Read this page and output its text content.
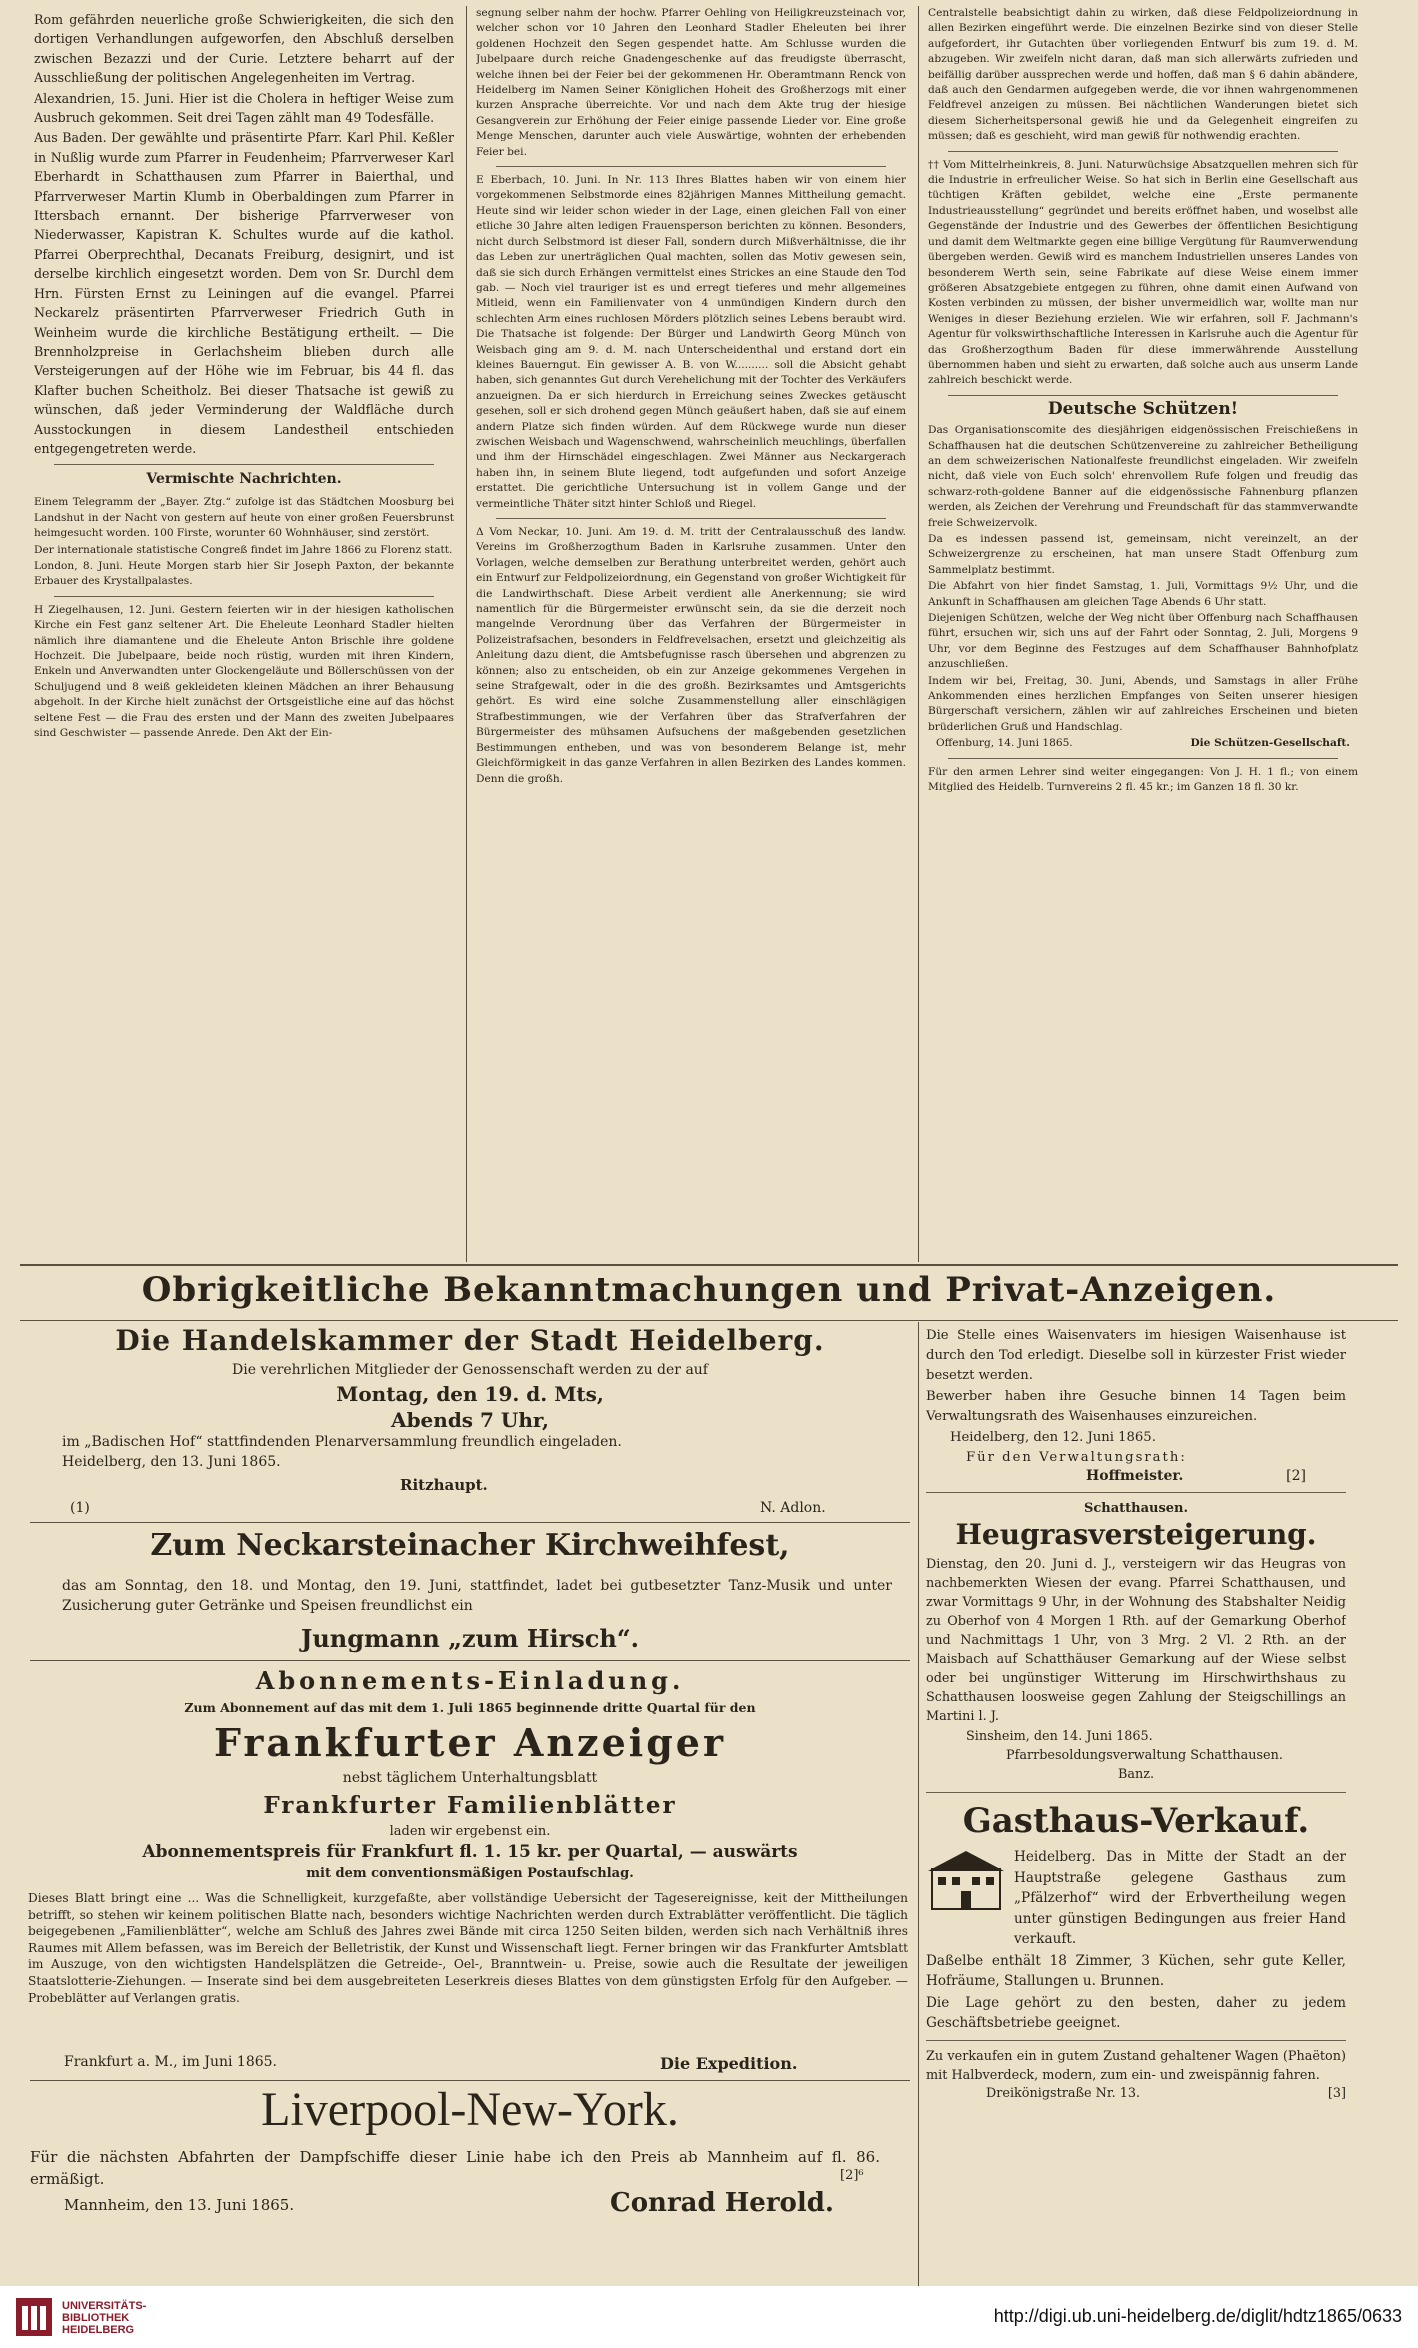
Rom gefährden neuerliche große Schwierigkeiten, die sich den dortigen Verhandlungen aufgeworfen, den Abschluß derselben zwischen Bezazzi und der Curie. Letztere beharrt auf der Ausschließung der politischen Angelegenheiten im Vertrag.

Alexandrien, 15. Juni. Hier ist die Cholera in heftiger Weise zum Ausbruch gekommen. Seit drei Tagen zählt man 49 Todesfälle.

Aus Baden. Der gewählte und präsentirte Pfarr. Karl Phil. Keßler in Nußlig wurde zum Pfarrer in Feudenheim; Pfarrverweser Karl Eberhardt in Schatthausen zum Pfarrer in Baierthal, und Pfarrverweser Martin Klumb in Oberbaldingen zum Pfarrer in Ittersbach ernannt. Der bisherige Pfarrverweser von Niederwasser, Kapistran K. Schultes wurde auf die kathol. Pfarrei Oberprechthal, Decanats Freiburg, designirt, und ist derselbe kirchlich eingesetzt worden. Dem von Sr. Durchl dem Hrn. Fürsten Ernst zu Leiningen auf die evangel. Pfarrei Neckarelz präsentirten Pfarrverweser Friedrich Guth in Weinheim wurde die kirchliche Bestätigung ertheilt. — Die Brennholzpreise in Gerlachsheim blieben durch alle Versteigerungen auf der Höhe wie im Februar, bis 44 fl. das Klafter buchen Scheitholz. Bei dieser Thatsache ist gewiß zu wünschen, daß jeder Verminderung der Waldfläche durch Ausstockungen in diesem Landestheil entschieden entgegengetreten werde.

Vermischte Nachrichten.

Einem Telegramm der „Bayer. Ztg.“ zufolge ist das Städtchen Moosburg bei Landshut in der Nacht von gestern auf heute von einer großen Feuersbrunst heimgesucht worden. 100 Firste, worunter 60 Wohnhäuser, sind zerstört.

Der internationale statistische Congreß findet im Jahre 1866 zu Florenz statt.

London, 8. Juni. Heute Morgen starb hier Sir Joseph Paxton, der bekannte Erbauer des Krystallpalastes.

H Ziegelhausen, 12. Juni. Gestern feierten wir in der hiesigen katholischen Kirche ein Fest ganz seltener Art. Die Eheleute Leonhard Stadler hielten nämlich ihre diamantene und die Eheleute Anton Brischle ihre goldene Hochzeit. Die Jubelpaare, beide noch rüstig, wurden mit ihren Kindern, Enkeln und Anverwandten unter Glockengeläute und Böllerschüssen von der Schuljugend und 8 weiß gekleideten kleinen Mädchen an ihrer Behausung abgeholt. In der Kirche hielt zunächst der Ortsgeistliche eine auf das höchst seltene Fest — die Frau des ersten und der Mann des zweiten Jubelpaares sind Geschwister — passende Anrede. Den Akt der Ein-

segnung selber nahm der hochw. Pfarrer Oehling von Heiligkreuzsteinach vor, welcher schon vor 10 Jahren den Leonhard Stadler Eheleuten bei ihrer goldenen Hochzeit den Segen gespendet hatte. Am Schlusse wurden die Jubelpaare durch reiche Gnadengeschenke auf das freudigste überrascht, welche ihnen bei der Feier bei der gekommenen Hr. Oberamtmann Renck von Heidelberg im Namen Seiner Königlichen Hoheit des Großherzogs mit einer kurzen Ansprache überreichte. Vor und nach dem Akte trug der hiesige Gesangverein zur Erhöhung der Feier einige passende Lieder vor. Eine große Menge Menschen, darunter auch viele Auswärtige, wohnten der erhebenden Feier bei.

E Eberbach, 10. Juni. In Nr. 113 Ihres Blattes haben wir von einem hier vorgekommenen Selbstmorde eines 82jährigen Mannes Mittheilung gemacht. Heute sind wir leider schon wieder in der Lage, einen gleichen Fall von einer etliche 30 Jahre alten ledigen Frauensperson berichten zu können. Besonders, nicht durch Selbstmord ist dieser Fall, sondern durch Mißverhältnisse, die ihr das Leben zur unerträglichen Qual machten, sollen das Motiv gewesen sein, daß sie sich durch Erhängen vermittelst eines Strickes an eine Staude den Tod gab. — Noch viel trauriger ist es und erregt tieferes und mehr allgemeines Mitleid, wenn ein Familienvater von 4 unmündigen Kindern durch den schlechten Arm eines ruchlosen Mörders plötzlich seines Lebens beraubt wird. Die Thatsache ist folgende: Der Bürger und Landwirth Georg Münch von Weisbach ging am 9. d. M. nach Unterscheidenthal und erstand dort ein kleines Bauerngut. Ein gewisser A. B. von W.......... soll die Absicht gehabt haben, sich genanntes Gut durch Verehelichung mit der Tochter des Verkäufers anzueignen. Da er sich hierdurch in Erreichung seines Zweckes getäuscht gesehen, soll er sich drohend gegen Münch geäußert haben, daß sie auf einem andern Platze sich finden würden. Auf dem Rückwege wurde nun dieser zwischen Weisbach und Wagenschwend, wahrscheinlich meuchlings, überfallen und ihm der Hirnschädel eingeschlagen. Zwei Männer aus Neckargerach haben ihn, in seinem Blute liegend, todt aufgefunden und sofort Anzeige erstattet. Die gerichtliche Untersuchung ist in vollem Gange und der vermeintliche Thäter sitzt hinter Schloß und Riegel.

Δ Vom Neckar, 10. Juni. Am 19. d. M. tritt der Centralausschuß des landw. Vereins im Großherzogthum Baden in Karlsruhe zusammen. Unter den Vorlagen, welche demselben zur Berathung unterbreitet werden, gehört auch ein Entwurf zur Feldpolizeiordnung, ein Gegenstand von großer Wichtigkeit für die Landwirthschaft. Diese Arbeit verdient alle Anerkennung; sie wird namentlich für die Bürgermeister erwünscht sein, da sie die derzeit noch mangelnde Verordnung über das Verfahren der Bürgermeister in Polizeistrafsachen, besonders in Feldfrevelsachen, ersetzt und gleichzeitig als Anleitung dazu dient, die Amtsbefugnisse rasch übersehen und abgrenzen zu können; also zu entscheiden, ob ein zur Anzeige gekommenes Vergehen in seine Strafgewalt, oder in die des großh. Bezirksamtes und Amtsgerichts gehört. Es wird eine solche Zusammenstellung aller einschlägigen Strafbestimmungen, wie der Verfahren über das Strafverfahren der Bürgermeister des mühsamen Aufsuchens der maßgebenden gesetzlichen Bestimmungen entheben, und was von besonderem Belange ist, mehr Gleichförmigkeit in das ganze Verfahren in allen Bezirken des Landes kommen. Denn die großh.

Centralstelle beabsichtigt dahin zu wirken, daß diese Feldpolizeiordnung in allen Bezirken eingeführt werde. Die einzelnen Bezirke sind von dieser Stelle aufgefordert, ihr Gutachten über vorliegenden Entwurf bis zum 19. d. M. abzugeben. Wir zweifeln nicht daran, daß man sich allerwärts zufrieden und beifällig darüber aussprechen werde und hoffen, daß man § 6 dahin abändere, daß auch den Gendarmen aufgegeben werde, die vor ihnen wahrgenommenen Feldfrevel anzeigen zu müssen. Bei nächtlichen Wanderungen bietet sich diesem Sicherheitspersonal gewiß hie und da Gelegenheit eingreifen zu müssen; daß es geschieht, wird man gewiß für nothwendig erachten.

†† Vom Mittelrheinkreis, 8. Juni. Naturwüchsige Absatzquellen mehren sich für die Industrie in erfreulicher Weise. So hat sich in Berlin eine Gesellschaft aus tüchtigen Kräften gebildet, welche eine „Erste permanente Industrieausstellung“ gegründet und bereits eröffnet haben, und woselbst alle Gegenstände der Industrie und des Gewerbes der öffentlichen Besichtigung und damit dem Weltmarkte gegen eine billige Vergütung für Raumverwendung übergeben werden. Gewiß wird es manchem Industriellen unseres Landes von besonderem Werth sein, seine Fabrikate auf diese Weise einem immer größeren Absatzgebiete entgegen zu führen, ohne damit einen Aufwand von Kosten verbinden zu müssen, der bisher unvermeidlich war, wollte man nur Weniges in dieser Beziehung erzielen. Wie wir erfahren, soll F. Jachmann's Agentur für volkswirthschaftliche Interessen in Karlsruhe auch die Agentur für das Großherzogthum Baden für diese immerwährende Ausstellung übernommen haben und sieht zu erwarten, daß solche auch aus unserm Lande zahlreich beschickt werde.

Deutsche Schützen!

Das Organisationscomite des diesjährigen eidgenössischen Freischießens in Schaffhausen hat die deutschen Schützenvereine zu zahlreicher Betheiligung an dem schweizerischen Nationalfeste freundlichst eingeladen. Wir zweifeln nicht, daß viele von Euch solch' ehrenvollem Rufe folgen und freudig das schwarz-roth-goldene Banner auf die eidgenössische Fahnenburg pflanzen werden, als Zeichen der Verehrung und Freundschaft für das stammverwandte freie Schweizervolk.

Da es indessen passend ist, gemeinsam, nicht vereinzelt, an der Schweizergrenze zu erscheinen, hat man unsere Stadt Offenburg zum Sammelplatz bestimmt.

Die Abfahrt von hier findet Samstag, 1. Juli, Vormittags 9½ Uhr, und die Ankunft in Schaffhausen am gleichen Tage Abends 6 Uhr statt.

Diejenigen Schützen, welche der Weg nicht über Offenburg nach Schaffhausen führt, ersuchen wir, sich uns auf der Fahrt oder Sonntag, 2. Juli, Morgens 9 Uhr, vor dem Beginne des Festzuges auf dem Schaffhauser Bahnhofplatz anzuschließen.

Indem wir bei, Freitag, 30. Juni, Abends, und Samstags in aller Frühe Ankommenden eines herzlichen Empfanges von Seiten unserer hiesigen Bürgerschaft versichern, zählen wir auf zahlreiches Erscheinen und bieten brüderlichen Gruß und Handschlag.

Offenburg, 14. Juni 1865.	Die Schützen-Gesellschaft.

Für den armen Lehrer sind weiter eingegangen: Von J. H. 1 fl.; von einem Mitglied des Heidelb. Turnvereins 2 fl. 45 kr.; im Ganzen 18 fl. 30 kr.

Obrigkeitliche Bekanntmachungen und Privat-Anzeigen.
Die Handelskammer der Stadt Heidelberg.
Die verehrlichen Mitglieder der Genossenschaft werden zu der auf
Montag, den 19. d. Mts,
Abends 7 Uhr,
im „Badischen Hof“ stattfindenden Plenarversammlung freundlich eingeladen.
Heidelberg, den 13. Juni 1865.
Ritzhaupt.
(1)	N. Adlon.
Zum Neckarsteinacher Kirchweihfest,
das am Sonntag, den 18. und Montag, den 19. Juni, stattfindet, ladet bei gutbesetzter Tanz-Musik und unter Zusicherung guter Getränke und Speisen freundlichst ein
Jungmann „zum Hirsch“.
Abonnements-Einladung.
Zum Abonnement auf das mit dem 1. Juli 1865 beginnende dritte Quartal für den
Frankfurter Anzeiger
nebst täglichem Unterhaltungsblatt
Frankfurter Familienblätter
laden wir ergebenst ein.
Abonnementspreis für Frankfurt fl. 1. 15 kr. per Quartal, — auswärts
mit dem conventionsmäßigen Postaufschlag.
Dieses Blatt bringt eine ... Was die Schnelligkeit, kurzgefaßte, aber vollständige Uebersicht der Tagesereignisse, keit der Mittheilungen betrifft, so stehen wir keinem politischen Blatte nach, besonders wichtige Nachrichten werden durch Extrablätter veröffentlicht. Die täglich beigegebenen „Familienblätter“, welche am Schluß des Jahres zwei Bände mit circa 1250 Seiten bilden, werden sich nach Verhältniß ihres Raumes mit Allem befassen, was im Bereich der Belletristik, der Kunst und Wissenschaft liegt. Ferner bringen wir das Frankfurter Amtsblatt im Auszuge, von den wichtigsten Handelsplätzen die Getreide-, Oel-, Branntwein- u. Preise, sowie auch die Resultate der jeweiligen Staatslotterie-Ziehungen. — Inserate sind bei dem ausgebreiteten Leserkreis dieses Blattes von dem günstigsten Erfolg für den Aufgeber. — Probeblätter auf Verlangen gratis.
Frankfurt a. M., im Juni 1865.	Die Expedition.
Liverpool-New-York.
Für die nächsten Abfahrten der Dampfschiffe dieser Linie habe ich den Preis ab Mannheim auf fl. 86. ermäßigt.	[2]⁶
Mannheim, den 13. Juni 1865.	Conrad Herold.

Die Stelle eines Waisenvaters im hiesigen Waisenhause ist durch den Tod erledigt. Dieselbe soll in kürzester Frist wieder besetzt werden.

Bewerber haben ihre Gesuche binnen 14 Tagen beim Verwaltungsrath des Waisenhauses einzureichen.

Heidelberg, den 12. Juni 1865.
Für den Verwaltungsrath:
Hoffmeister.	[2]
Schatthausen.
Heugrasversteigerung.

Dienstag, den 20. Juni d. J., versteigern wir das Heugras von nachbemerkten Wiesen der evang. Pfarrei Schatthausen, und zwar Vormittags 9 Uhr, in der Wohnung des Stabshalter Neidig zu Oberhof von 4 Morgen 1 Rth. auf der Gemarkung Oberhof und Nachmittags 1 Uhr, von 3 Mrg. 2 Vl. 2 Rth. an der Maisbach auf Schatthäuser Gemarkung auf der Wiese selbst oder bei ungünstiger Witterung im Hirschwirthshaus zu Schatthausen loosweise gegen Zahlung der Steigschillings an Martini l. J.

Sinsheim, den 14. Juni 1865.
Pfarrbesoldungsverwaltung Schatthausen.
Banz.
Gasthaus-Verkauf.

Heidelberg. Das in Mitte der Stadt an der Hauptstraße gelegene Gasthaus zum „Pfälzerhof“ wird der Erbvertheilung wegen unter günstigen Bedingungen aus freier Hand verkauft.

Daßelbe enthält 18 Zimmer, 3 Küchen, sehr gute Keller, Hofräume, Stallungen u. Brunnen.

Die Lage gehört zu den besten, daher zu jedem Geschäftsbetriebe geeignet.

Zu verkaufen ein in gutem Zustand gehaltener Wagen (Phaëton) mit Halbverdeck, modern, zum ein- und zweispännig fahren.

Dreikönigstraße Nr. 13.	[3]
UNIVERSITÄTS-
BIBLIOTHEK
HEIDELBERG
http://digi.ub.uni-heidelberg.de/diglit/hdtz1865/0633
